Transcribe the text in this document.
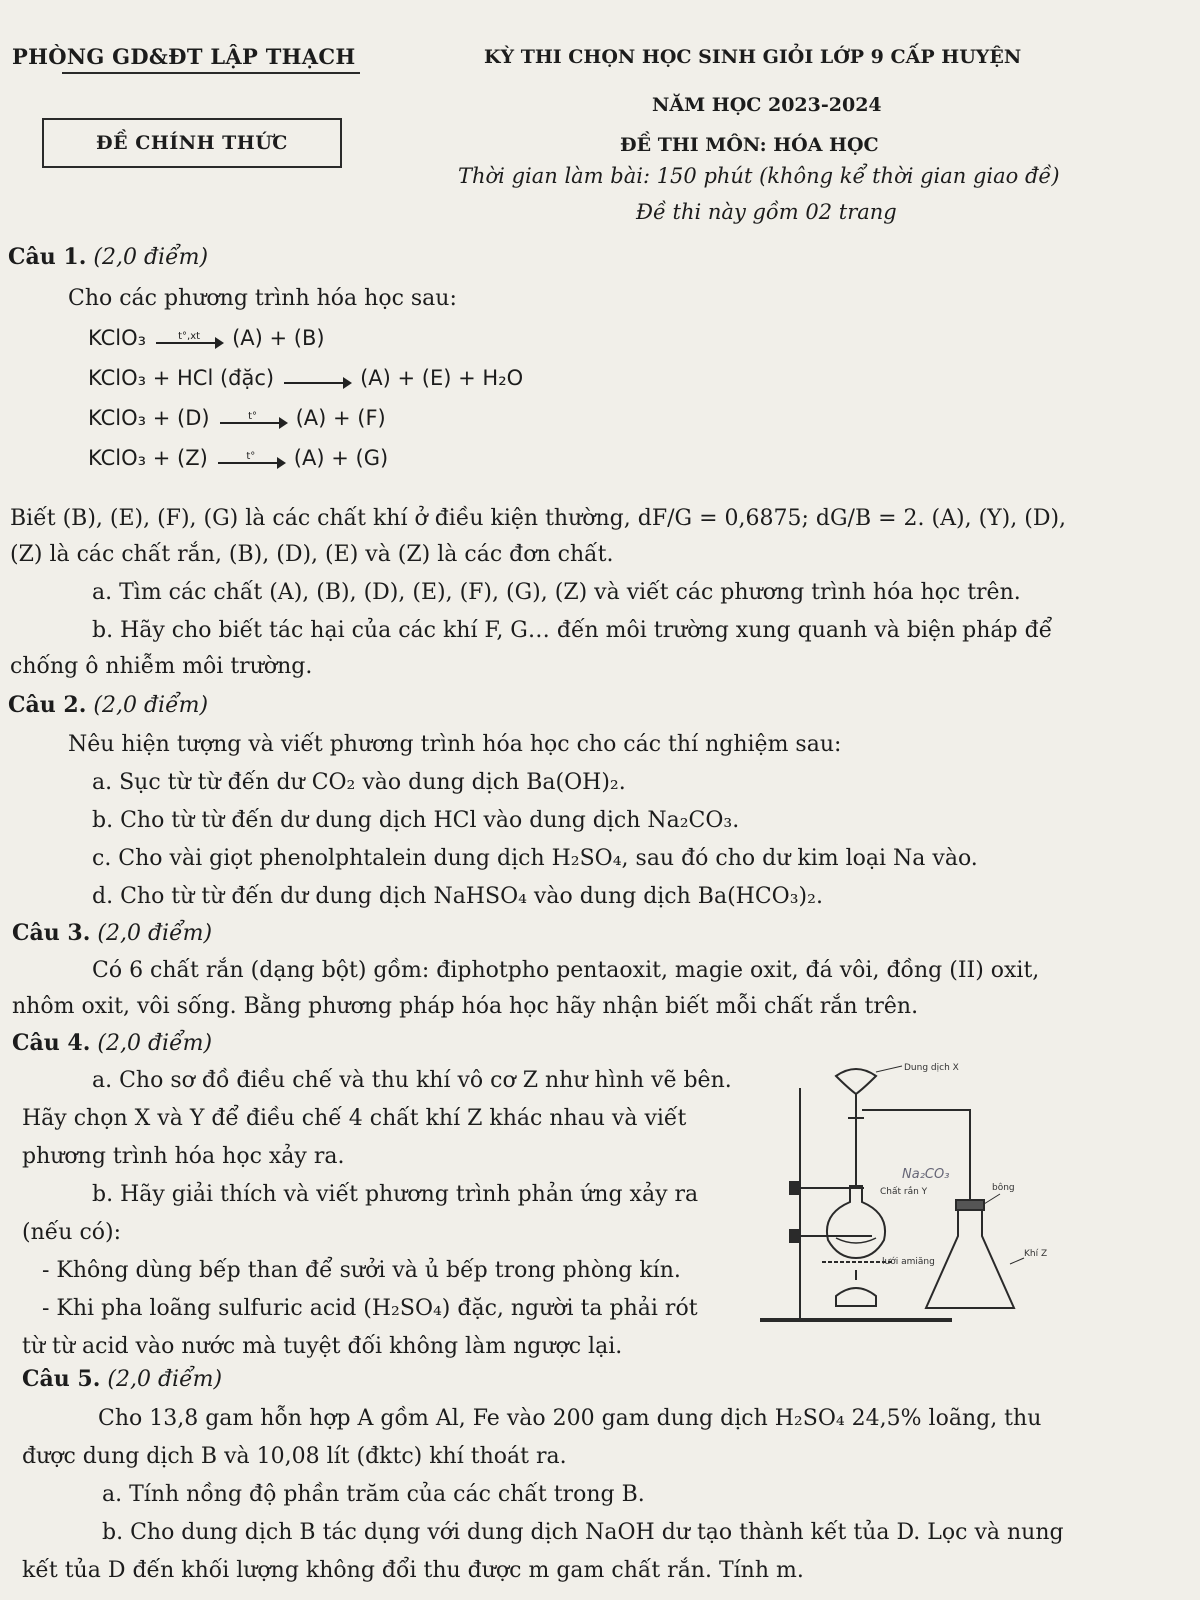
PHÒNG GD&ĐT LẬP THẠCH	KỲ THI CHỌN HỌC SINH GIỎI LỚP 9 CẤP HUYỆN
NĂM HỌC 2023-2024
ĐỀ CHÍNH THỨC	ĐỀ THI MÔN: HÓA HỌC
Thời gian làm bài: 150 phút (không kể thời gian giao đề)
Đề thi này gồm 02 trang
Câu 1. (2,0 điểm)
Cho các phương trình hóa học sau:
KClO₃	t°,xt (A) + (B)
KClO₃ + HCl (đặc) → (A) + (E) + H₂O
KClO₃ + (D)	t° (A) + (F)
KClO₃ + (Z)	t° (A) + (G)
Biết (B), (E), (F), (G) là các chất khí ở điều kiện thường, dF/G = 0,6875; dG/B = 2. (A), (Y), (D),
(Z) là các chất rắn, (B), (D), (E) và (Z) là các đơn chất.
a. Tìm các chất (A), (B), (D), (E), (F), (G), (Z) và viết các phương trình hóa học trên.
b. Hãy cho biết tác hại của các khí F, G… đến môi trường xung quanh và biện pháp để
chống ô nhiễm môi trường.
Câu 2. (2,0 điểm)
Nêu hiện tượng và viết phương trình hóa học cho các thí nghiệm sau:
a. Sục từ từ đến dư CO₂ vào dung dịch Ba(OH)₂.
b. Cho từ từ đến dư dung dịch HCl vào dung dịch Na₂CO₃.
c. Cho vài giọt phenolphtalein dung dịch H₂SO₄, sau đó cho dư kim loại Na vào.
d. Cho từ từ đến dư dung dịch NaHSO₄ vào dung dịch Ba(HCO₃)₂.
Câu 3. (2,0 điểm)
Có 6 chất rắn (dạng bột) gồm: điphotpho pentaoxit, magie oxit, đá vôi, đồng (II) oxit,
nhôm oxit, vôi sống. Bằng phương pháp hóa học hãy nhận biết mỗi chất rắn trên.
Câu 4. (2,0 điểm)
a. Cho sơ đồ điều chế và thu khí vô cơ Z như hình vẽ bên.
Hãy chọn X và Y để điều chế 4 chất khí Z khác nhau và viết
phương trình hóa học xảy ra.
b. Hãy giải thích và viết phương trình phản ứng xảy ra
(nếu có):
- Không dùng bếp than để sưởi và ủ bếp trong phòng kín.
- Khi pha loãng sulfuric acid (H₂SO₄) đặc, người ta phải rót
từ từ acid vào nước mà tuyệt đối không làm ngược lại.
Dung dịch X
Chất rắn Y	bông
lưới amiăng
Khí Z
Na₂CO₃
Câu 5. (2,0 điểm)
Cho 13,8 gam hỗn hợp A gồm Al, Fe vào 200 gam dung dịch H₂SO₄ 24,5% loãng, thu
được dung dịch B và 10,08 lít (đktc) khí thoát ra.
a. Tính nồng độ phần trăm của các chất trong B.
b. Cho dung dịch B tác dụng với dung dịch NaOH dư tạo thành kết tủa D. Lọc và nung
kết tủa D đến khối lượng không đổi thu được m gam chất rắn. Tính m.
